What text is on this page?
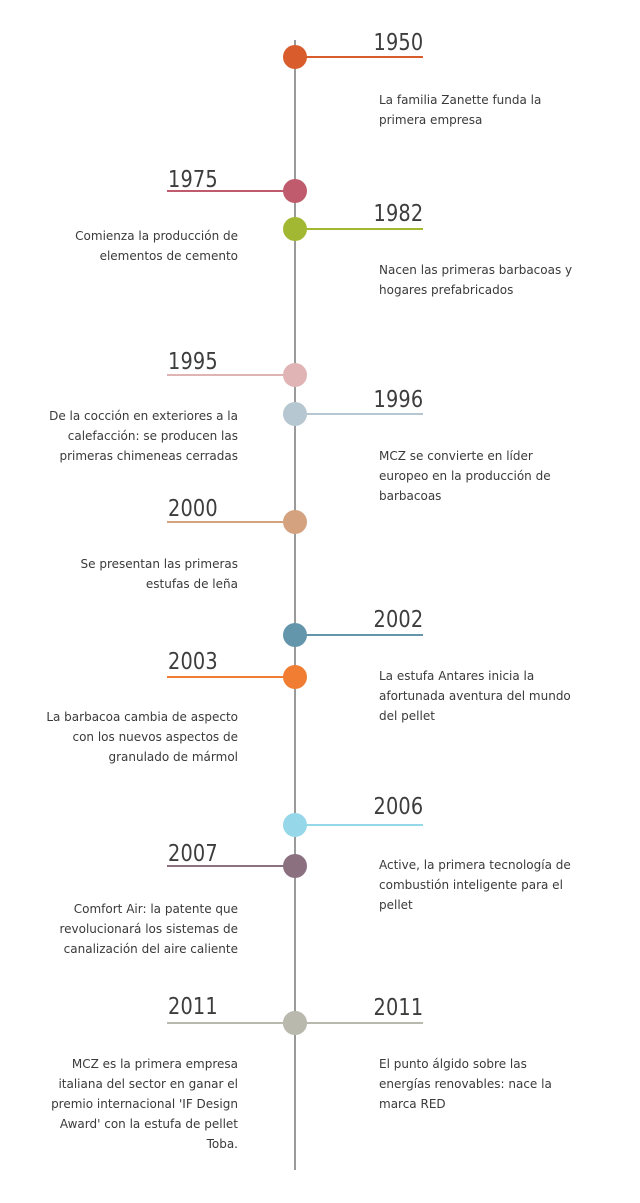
1950
La familia Zanette funda la primera empresa
1975
Comienza la producción de elementos de cemento
1982
Nacen las primeras barbacoas y hogares prefabricados
1995
De la cocción en exteriores a la calefacción: se producen las primeras chimeneas cerradas
1996
MCZ se convierte en líder europeo en la producción de barbacoas
2000
Se presentan las primeras estufas de leña
2002
La estufa Antares inicia la afortunada aventura del mundo del pellet
2003
La barbacoa cambia de aspecto con los nuevos aspectos de granulado de mármol
2006
Active, la primera tecnología de combustión inteligente para el pellet
2007
Comfort Air: la patente que revolucionará los sistemas de canalización del aire caliente
2011
MCZ es la primera empresa italiana del sector en ganar el premio internacional 'IF Design Award' con la estufa de pellet Toba.
2011
El punto álgido sobre las energías renovables: nace la marca RED
